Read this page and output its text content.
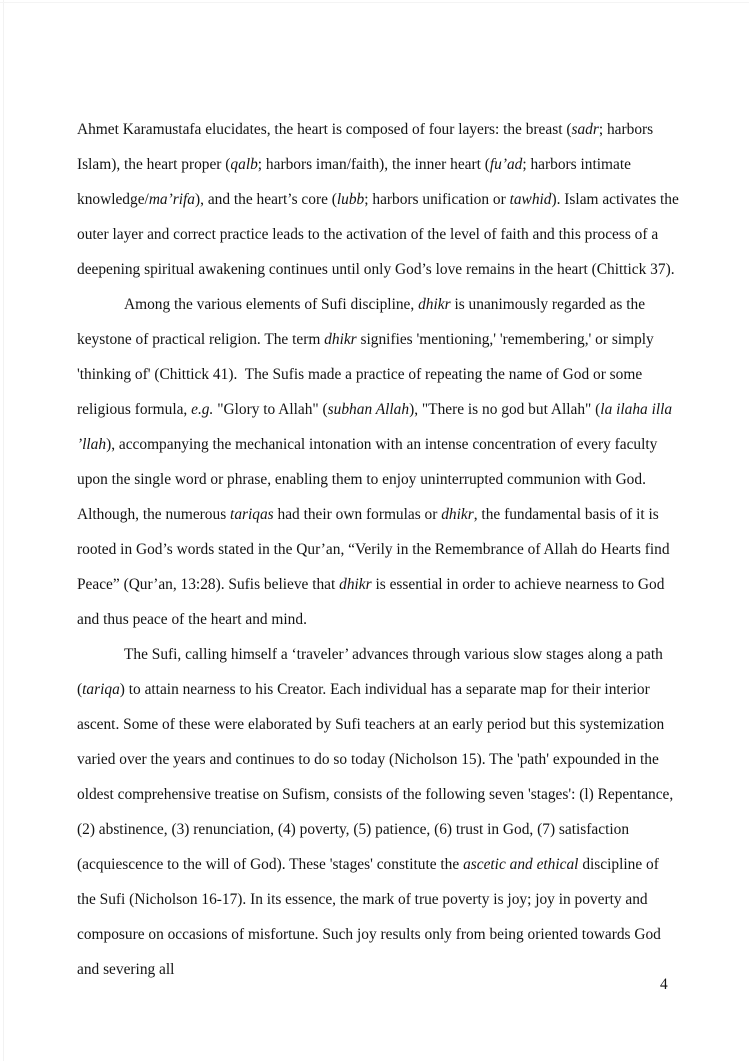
Ahmet Karamustafa elucidates, the heart is composed of four layers: the breast (sadr; harbors Islam), the heart proper (qalb; harbors iman/faith), the inner heart (fu’ad; harbors intimate knowledge/ma’rifa), and the heart’s core (lubb; harbors unification or tawhid). Islam activates the outer layer and correct practice leads to the activation of the level of faith and this process of a deepening spiritual awakening continues until only God’s love remains in the heart (Chittick 37).
Among the various elements of Sufi discipline, dhikr is unanimously regarded as the keystone of practical religion. The term dhikr signifies 'mentioning,' 'remembering,' or simply 'thinking of' (Chittick 41).  The Sufis made a practice of repeating the name of God or some religious formula, e.g. "Glory to Allah" (subhan Allah), "There is no god but Allah" (la ilaha illa ’llah), accompanying the mechanical intonation with an intense concentration of every faculty upon the single word or phrase, enabling them to enjoy uninterrupted communion with God. Although, the numerous tariqas had their own formulas or dhikr, the fundamental basis of it is rooted in God’s words stated in the Qur’an, “Verily in the Remembrance of Allah do Hearts find Peace” (Qur’an, 13:28). Sufis believe that dhikr is essential in order to achieve nearness to God and thus peace of the heart and mind.
The Sufi, calling himself a ‘traveler’ advances through various slow stages along a path (tariqa) to attain nearness to his Creator. Each individual has a separate map for their interior ascent. Some of these were elaborated by Sufi teachers at an early period but this systemization varied over the years and continues to do so today (Nicholson 15). The 'path' expounded in the oldest comprehensive treatise on Sufism, consists of the following seven 'stages': (l) Repentance, (2) abstinence, (3) renunciation, (4) poverty, (5) patience, (6) trust in God, (7) satisfaction (acquiescence to the will of God). These 'stages' constitute the ascetic and ethical discipline of the Sufi (Nicholson 16-17). In its essence, the mark of true poverty is joy; joy in poverty and composure on occasions of misfortune. Such joy results only from being oriented towards God and severing all
4
